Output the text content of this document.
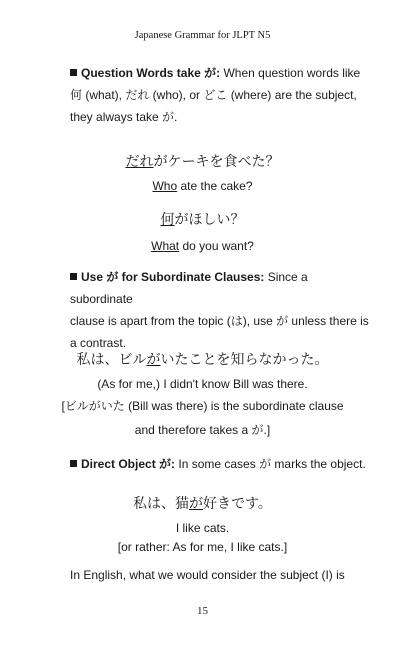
Japanese Grammar for JLPT N5
Question Words take が: When question words like
何 (what), だれ (who), or どこ (where) are the subject,
they always take が.
だれがケーキを食べた？
Who ate the cake?
何がほしい？
What do you want?
Use が for Subordinate Clauses: Since a subordinate
clause is apart from the topic (は), use が unless there is
a contrast.
私は、ビルがいたことを知らなかった。
(As for me,) I didn't know Bill was there.
[ビルがいた (Bill was there) is the subordinate clause
and therefore takes a が.]
Direct Object が: In some cases が marks the object.
私は、猫が好きです。
I like cats.
[or rather: As for me, I like cats.]
In English, what we would consider the subject (I) is
15
